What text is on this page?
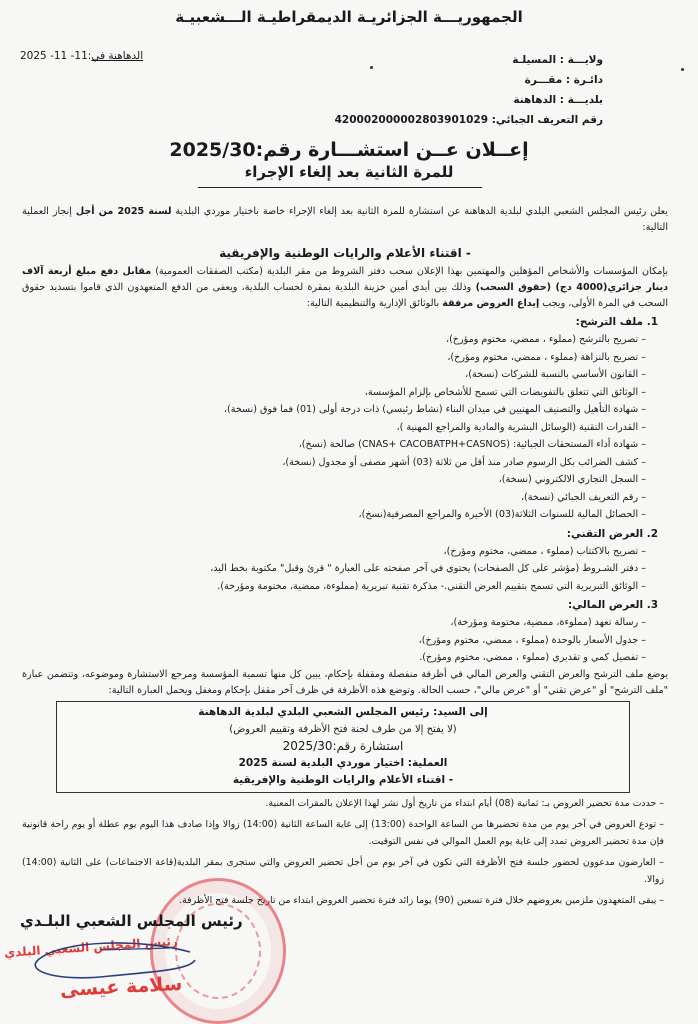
الجمهوريـــة الجزائريـة الديمقراطيـة الـــشعبيـة
الدهاهنة في:11- 11- 2025	ولايـــة : المسيلـة
دائـرة : مقـــرة
بلديـــة : الدهاهنة
رقم التعريف الجبائي: 420002000002803901029
إعــلان عــن استشـــارة رقم:2025/30
للمرة الثانية بعد إلغاء الإجراء

يعلن رئيس المجلس الشعبي البلدي لبلدية الدهاهنة عن استشارة للمرة الثانية بعد إلغاء الإجراء خاصة باختيار موردي البلدية لسنة 2025 من أجل إنجاز العملية التالية:

- اقتناء الأعلام والرايات الوطنية والإفريقية

بإمكان المؤسسات والأشخاص المؤهلين والمهتمين بهذا الإعلان سحب دفتر الشروط من مقر البلدية (مكتب الصفقات العمومية) مقابل دفع مبلغ أربعة آلاف دينار جزائري(4000 دج) (حقوق السحب) وذلك بين أيدي أمين خزينة البلدية بمقرة لحساب البلدية، ويعفى من الدفع المتعهدون الذي قاموا بتسديد حقوق السحب في المرة الأولى، ويجب إيداع العروض مرفقة بالوثائق الإدارية والتنظيمية التالية:

1. ملف الترشح:
– تصريح بالترشح (مملوء ، ممضي، مختوم ومؤرخ)،
– تصريح بالنزاهة (مملوء ، ممضي، مختوم ومؤرخ)،
– القانون الأساسي بالنسبة للشركات (نسخة)،
– الوثائق التي تتعلق بالتفويضات التي تسمح للأشخاص بإلزام المؤسسة،
– شهادة التأهيل والتصنيف المهنيين في ميدان البناء (نشاط رئيسي) ذات درجة أولى (01) فما فوق (نسخة)،
– القدرات التقنية (الوسائل البشرية والمادية والمراجع المهنية )،
– شهادة أداء المستحقات الجبائية: (CNAS+ CACOBATPH+CASNOS) صالحة (نسخ)،
– كشف الضرائب بكل الرسوم صادر منذ أقل من ثلاثة (03) أشهر مصفى أو مجدول (نسخة)،
– السجل التجاري الالكتروني (نسخة)،
– رقم التعريف الجبائي (نسخة)،
– الحصائل المالية للسنوات الثلاثة(03) الأخيرة والمراجع المصرفية(نسخ)،
2. العرض التقني:
– تصريح بالاكتتاب (مملوء ، ممضي، مختوم ومؤرخ)،
– دفتر الشـروط (مؤشر على كل الصفحات) يحتوي في آخر صفحته على العبارة " قرئ وقبل" مكتوبة بخط اليد،
– الوثائق التبريرية التي تسمح بتقييم العرض التقني.- مذكرة تقنية تبريرية (مملوءة، ممضية، مختومة ومؤرخة).
3. العرض المالي:
– رسالة تعهد (مملوءة، ممضية، مختومة ومؤرخة)،
– جدول الأسعار بالوحدة (مملوء ، ممضي، مختوم ومؤرخ)،
– تفصيل كمي و تقديري (مملوء ، ممضي، مختوم ومؤرخ).

يوضع ملف الترشح والعرض التقني والعرض المالي في أظرفة منفصلة ومقفلة بإحكام، يبين كل منها تسمية المؤسسة ومرجع الاستشارة وموضوعه، وتتضمن عبارة "ملف الترشح" أو "عرض تقني" أو "عرض مالي"، حسب الحالة. وتوضع هذه الأظرفة في ظرف آخر مقفل بإحكام ومغفل ويحمل العبارة التالية:

إلى السيد: رئيس المجلس الشعبي البلدي لبلدية الدهاهنة
(لا يفتح إلا من طرف لجنة فتح الأظرفة وتقييم العروض)
استشارة رقم:2025/30
العملية: اختيار موردي البلدية لسنة 2025
- اقتناء الأعلام والرايات الوطنية والإفريقية
– حددت مدة تحضير العروض بـ: ثمانية (08) أيام ابتداء من تاريخ أول نشر لهذا الإعلان بالمقرات المعنية.
– تودع العروض في آخر يوم من مدة تحضيرها من الساعة الواحدة (13:00) إلى غاية الساعة الثانية (14:00) زوالا وإذا صادف هذا اليوم يوم عطلة أو يوم راحة قانونية فإن مدة تحضير العروض تمدد إلى غاية يوم العمل الموالي في نفس التوقيت.
– العارضون مدعوون لحضور جلسة فتح الأظرفة التي تكون في آخر يوم من أجل تحضير العروض والتي ستجرى بمقر البلدية(قاعة الاجتماعات) على الثانية (14:00) زوالا.
– يبقى المتعهدون ملزمين بعروضهم خلال فترة تسعين (90) يوما زائد فترة تحضير العروض ابتداء من تاريخ جلسة فتح الأظرفة.
رئيس المجلس الشعبي البلـدي
رئيس المجلس الشعبي البلدي
سلامة عيسى
